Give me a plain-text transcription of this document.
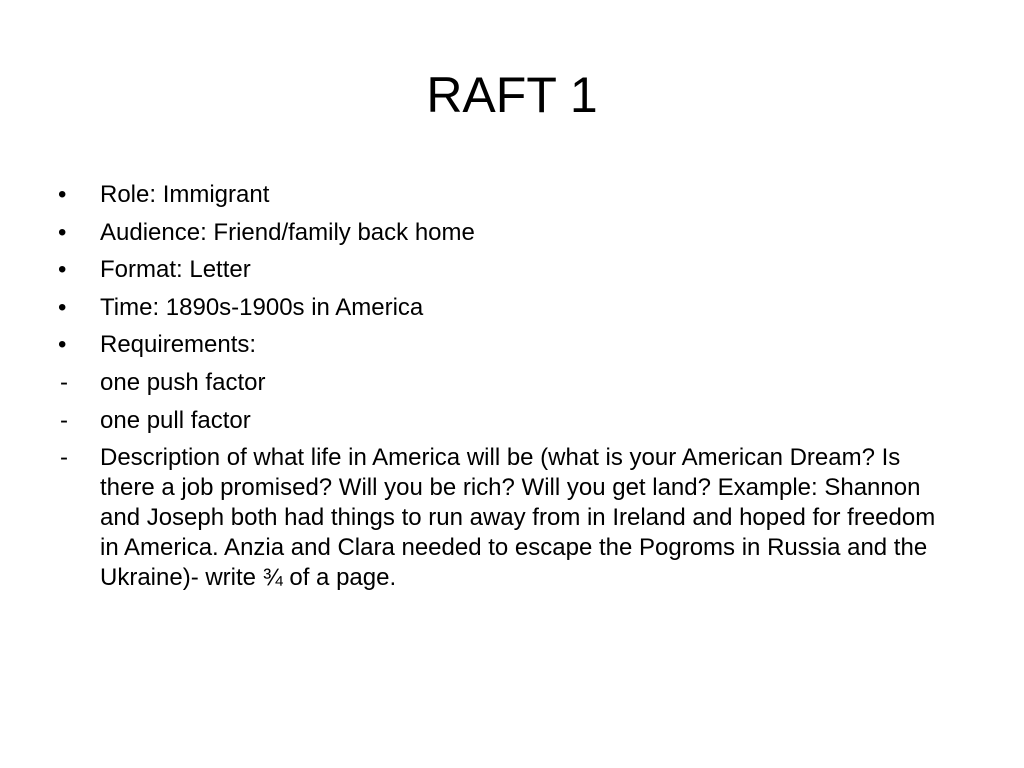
RAFT 1
•	Role: Immigrant
•	Audience: Friend/family back home
•	Format: Letter
•	Time: 1890s-1900s in America
•	Requirements:
-	one push factor
-	one pull factor
-	Description of what life in America will be (what is your American Dream? Is there a job promised? Will you be rich? Will you get land? Example: Shannon and Joseph both had things to run away from in Ireland and hoped for freedom in America. Anzia and Clara needed to escape the Pogroms in Russia and the Ukraine)- write ¾ of a page.
